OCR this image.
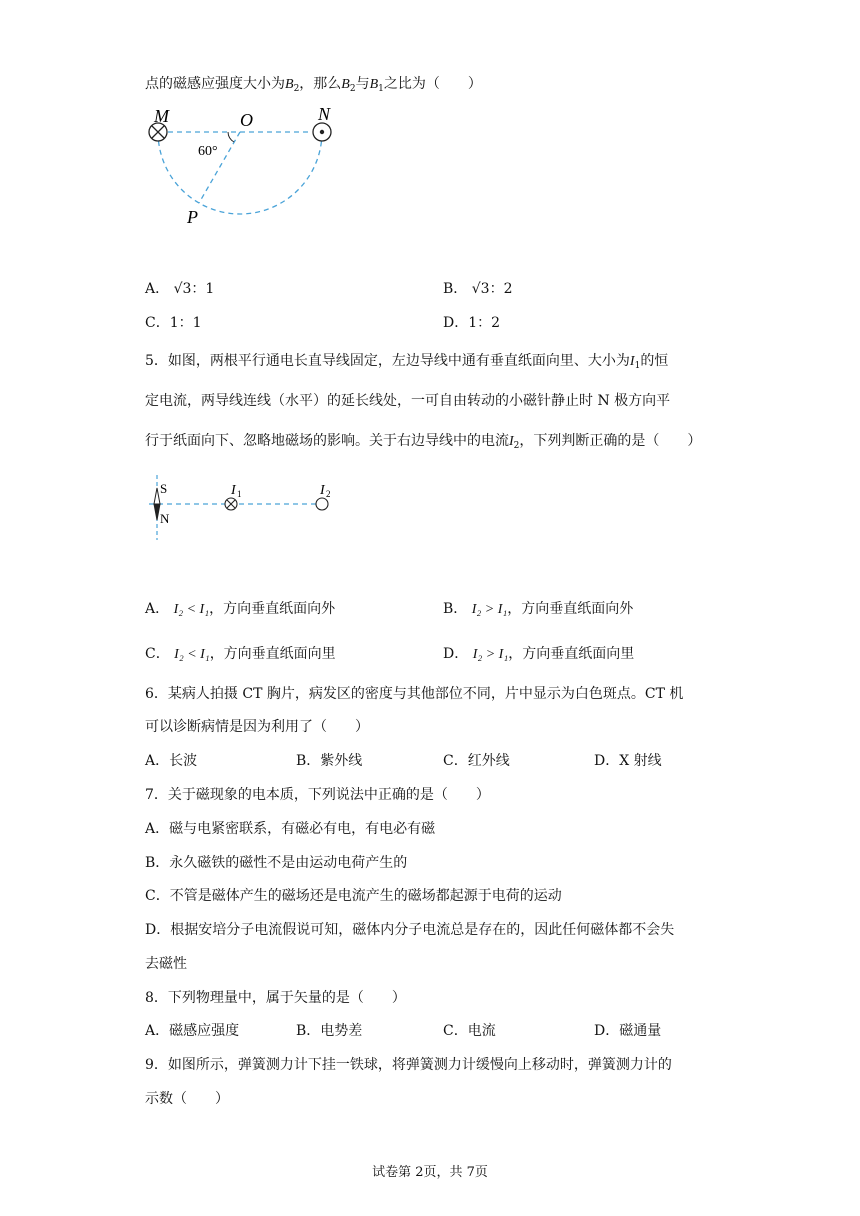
点的磁感应强度大小为$B_2$，那么$B_2$与$B_1$之比为（　　）
M	O	N
P
60°
A． √3：1	B． √3：2
C．1：1	D．1：2
5．如图，两根平行通电长直导线固定，左边导线中通有垂直纸面向里、大小为$I_1$的恒
定电流，两导线连线（水平）的延长线处，一可自由转动的小磁针静止时 N 极方向平
行于纸面向下、忽略地磁场的影响。关于右边导线中的电流$I_2$，下列判断正确的是（　　）
S
N
I 1	I 2
A． I₂ < I₁，方向垂直纸面向外	B． I₂ > I₁，方向垂直纸面向外
C． I₂ < I₁，方向垂直纸面向里	D． I₂ > I₁，方向垂直纸面向里
6．某病人拍摄 CT 胸片，病发区的密度与其他部位不同，片中显示为白色斑点。CT 机
可以诊断病情是因为利用了（　　）
A．长波	B．紫外线	C．红外线	D．X 射线
7．关于磁现象的电本质，下列说法中正确的是（　　）
A．磁与电紧密联系，有磁必有电，有电必有磁
B．永久磁铁的磁性不是由运动电荷产生的
C．不管是磁体产生的磁场还是电流产生的磁场都起源于电荷的运动
D．根据安培分子电流假说可知，磁体内分子电流总是存在的，因此任何磁体都不会失
去磁性
8．下列物理量中，属于矢量的是（　　）
A．磁感应强度	B．电势差	C．电流	D．磁通量
9．如图所示，弹簧测力计下挂一铁球，将弹簧测力计缓慢向上移动时，弹簧测力计的
示数（　　）
试卷第 2页，共 7页
